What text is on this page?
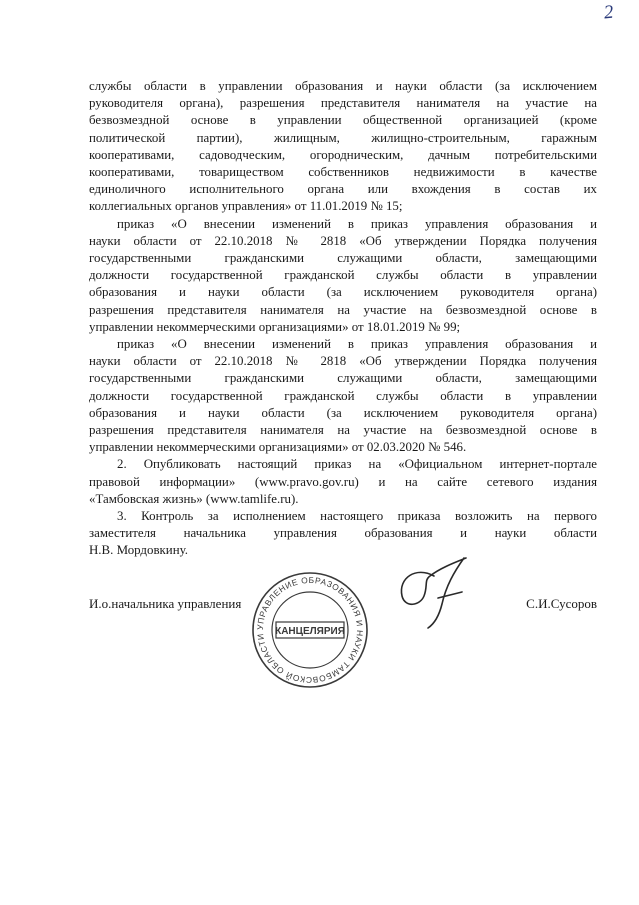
2

службы области в управлении образования и науки области (за исключением
руководителя органа), разрешения представителя нанимателя на участие на
безвозмездной основе в управлении общественной организацией (кроме
политической партии), жилищным, жилищно-строительным, гаражным
кооперативами, садоводческим, огородническим, дачным потребительскими
кооперативами, товариществом собственников недвижимости в качестве
единоличного исполнительного органа или вхождения в состав их
коллегиальных органов управления» от 11.01.2019 № 15;

приказ «О внесении изменений в приказ управления образования и
науки области от 22.10.2018 № 2818 «Об утверждении Порядка получения
государственными гражданскими служащими области, замещающими
должности государственной гражданской службы области в управлении
образования и науки области (за исключением руководителя органа)
разрешения представителя нанимателя на участие на безвозмездной основе в
управлении некоммерческими организациями» от 18.01.2019 № 99;

приказ «О внесении изменений в приказ управления образования и
науки области от 22.10.2018 № 2818 «Об утверждении Порядка получения
государственными гражданскими служащими области, замещающими
должности государственной гражданской службы области в управлении
образования и науки области (за исключением руководителя органа)
разрешения представителя нанимателя на участие на безвозмездной основе в
управлении некоммерческими организациями» от 02.03.2020 № 546.

2. Опубликовать настоящий приказ на «Официальном интернет-портале
правовой информации» (www.pravo.gov.ru) и на сайте сетевого издания
«Тамбовская жизнь» (www.tamlife.ru).

3. Контроль за исполнением настоящего приказа возложить на первого
заместителя начальника управления образования и науки области
Н.В. Мордовкину.

И.о.начальника управления	С.И.Сусоров
УПРАВЛЕНИЕ ОБРАЗОВАНИЯ И НАУКИ ТАМБОВСКОЙ ОБЛАСТИ КАНЦЕЛЯРИЯ
